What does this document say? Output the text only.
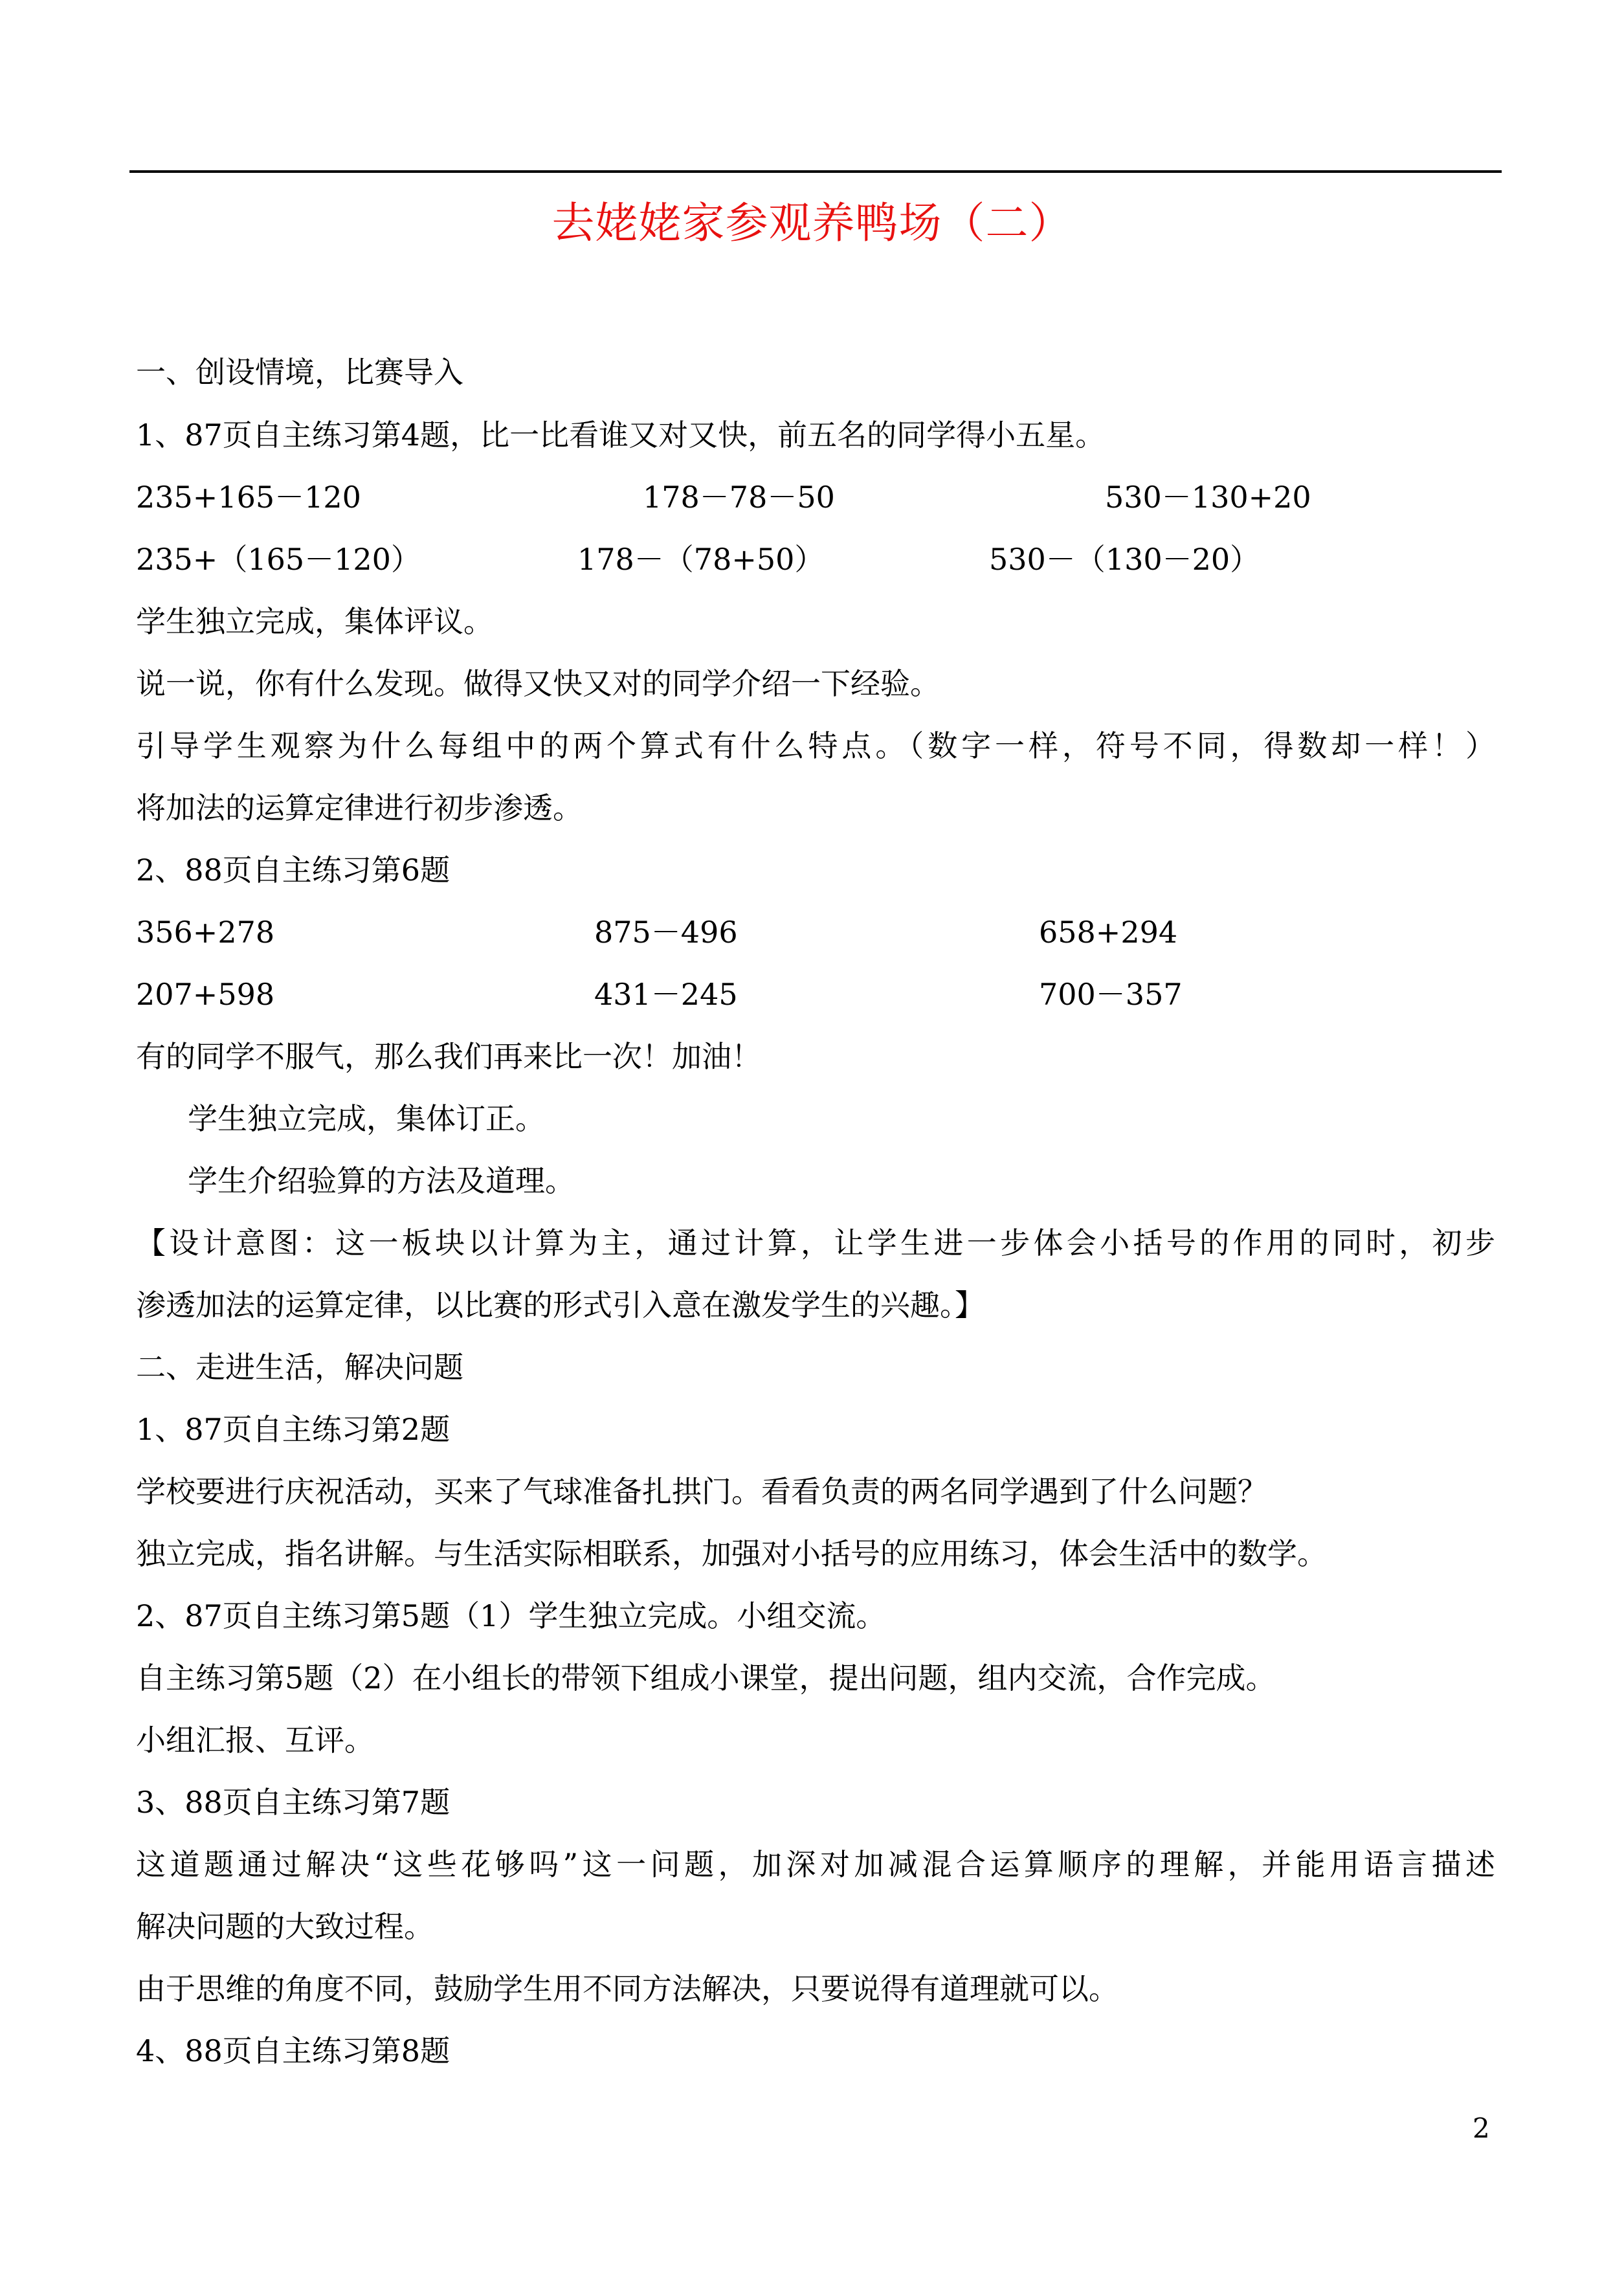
去姥姥家参观养鸭场（二）
一、创设情境，比赛导入
1、87页自主练习第4题，比一比看谁又对又快，前五名的同学得小五星。
235+165－120	178－78－50	530－130+20
235+（165－120）	178－（78+50）	530－（130－20）
学生独立完成，集体评议。
说一说，你有什么发现。做得又快又对的同学介绍一下经验。
引导学生观察为什么每组中的两个算式有什么特点。（数字一样，符号不同，得数却一样！）
将加法的运算定律进行初步渗透。
2、88页自主练习第6题
356+278	875－496	658+294
207+598	431－245	700－357
有的同学不服气，那么我们再来比一次！加油！
学生独立完成，集体订正。
学生介绍验算的方法及道理。
【设计意图：这一板块以计算为主，通过计算，让学生进一步体会小括号的作用的同时，初步
渗透加法的运算定律，以比赛的形式引入意在激发学生的兴趣。】
二、走进生活，解决问题
1、87页自主练习第2题
学校要进行庆祝活动，买来了气球准备扎拱门。看看负责的两名同学遇到了什么问题？
独立完成，指名讲解。与生活实际相联系，加强对小括号的应用练习，体会生活中的数学。
2、87页自主练习第5题（1）学生独立完成。小组交流。
自主练习第5题（2）在小组长的带领下组成小课堂，提出问题，组内交流，合作完成。
小组汇报、互评。
3、88页自主练习第7题
这道题通过解决“这些花够吗”这一问题，加深对加减混合运算顺序的理解，并能用语言描述
解决问题的大致过程。
由于思维的角度不同，鼓励学生用不同方法解决，只要说得有道理就可以。
4、88页自主练习第8题
2
